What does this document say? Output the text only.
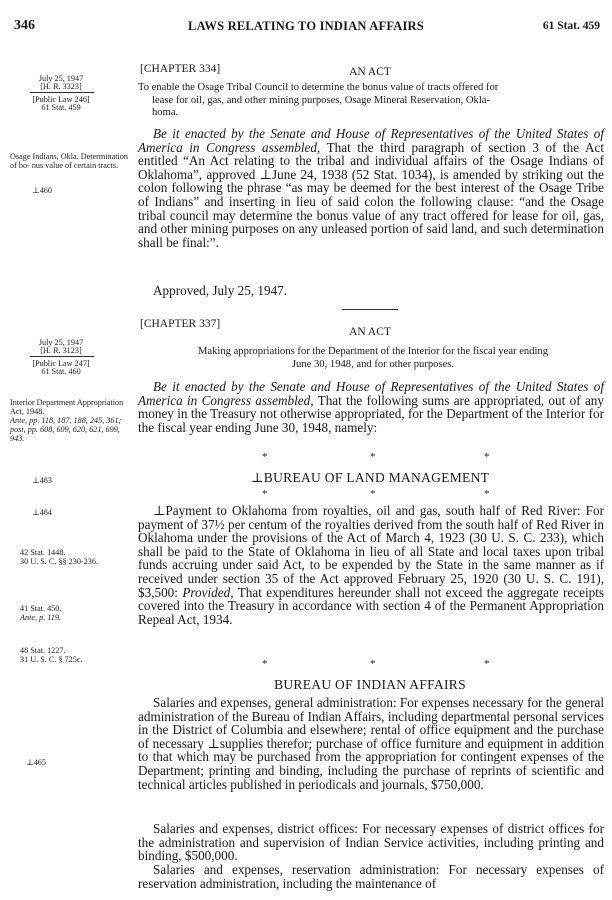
346	LAWS RELATING TO INDIAN AFFAIRS	61 Stat. 459
[CHAPTER 334]	AN ACT
To enable the Osage Tribal Council to determine the bonus value of tracts offered for
lease for oil, gas, and other mining purposes, Osage Mineral Reservation, Okla-
homa.
July 25, 1947
[H. R. 3323]
[Public Law 246]
61 Stat. 459
Osage Indians, Okla. Determination of bo- nus value of certain tracts.
⊥460
Be it enacted by the Senate and House of Representatives of the United States of America in Congress assembled, That the third paragraph of section 3 of the Act entitled “An Act relating to the tribal and individual affairs of the Osage Indians of Oklahoma”, approved ⊥June 24, 1938 (52 Stat. 1034), is amended by striking out the colon following the phrase “as may be deemed for the best interest of the Osage Tribe of Indians” and inserting in lieu of said colon the following clause: “and the Osage tribal council may determine the bonus value of any tract offered for lease for oil, gas, and other mining purposes on any unleased portion of said land, and such determination shall be final:”.
Approved, July 25, 1947.
[CHAPTER 337]
AN ACT
Making appropriations for the Department of the Interior for the fiscal year ending
June 30, 1948, and for other purposes.
July 25, 1947
[H. R. 3123]
[Public Law 247]
61 Stat. 460
Interior Department Appropriation Act, 1948.
Ante, pp. 118, 187, 188, 245, 361; post, pp. 608, 609, 620, 621, 699, 943.
⊥463
⊥464
42 Stat. 1448.
30 U. S. C. §§ 230-236.
41 Stat. 450.
Ante, p. 119.
48 Stat. 1227.
31 U. S. C. § 725c.
⊥465
Be it enacted by the Senate and House of Representatives of the United States of America in Congress assembled, That the following sums are appropriated, out of any money in the Treasury not otherwise appropriated, for the Department of the Interior for the fiscal year ending June 30, 1948, namely:
*	*	*
⊥BUREAU OF LAND MANAGEMENT
*	*	*
⊥Payment to Oklahoma from royalties, oil and gas, south half of Red River: For payment of 37½ per centum of the royalties derived from the south half of Red River in Oklahoma under the provisions of the Act of March 4, 1923 (30 U. S. C. 233), which shall be paid to the State of Oklahoma in lieu of all State and local taxes upon tribal funds accruing under said Act, to be expended by the State in the same manner as if received under section 35 of the Act approved February 25, 1920 (30 U. S. C. 191), $3,500: Provided, That expenditures hereunder shall not exceed the aggregate receipts covered into the Treasury in accordance with section 4 of the Permanent Appropriation Repeal Act, 1934.
*	*	*
BUREAU OF INDIAN AFFAIRS
Salaries and expenses, general administration: For expenses necessary for the general administration of the Bureau of Indian Affairs, including departmental personal services in the District of Columbia and elsewhere; rental of office equipment and the purchase of necessary ⊥supplies therefor; purchase of office furniture and equipment in addition to that which may be purchased from the appropriation for contingent expenses of the Department; printing and binding, including the purchase of reprints of scientific and technical articles published in periodicals and journals, $750,000.
Salaries and expenses, district offices: For necessary expenses of district offices for the administration and supervision of Indian Service activities, including printing and binding, $500,000.
Salaries and expenses, reservation administration: For necessary expenses of reservation administration, including the maintenance of
